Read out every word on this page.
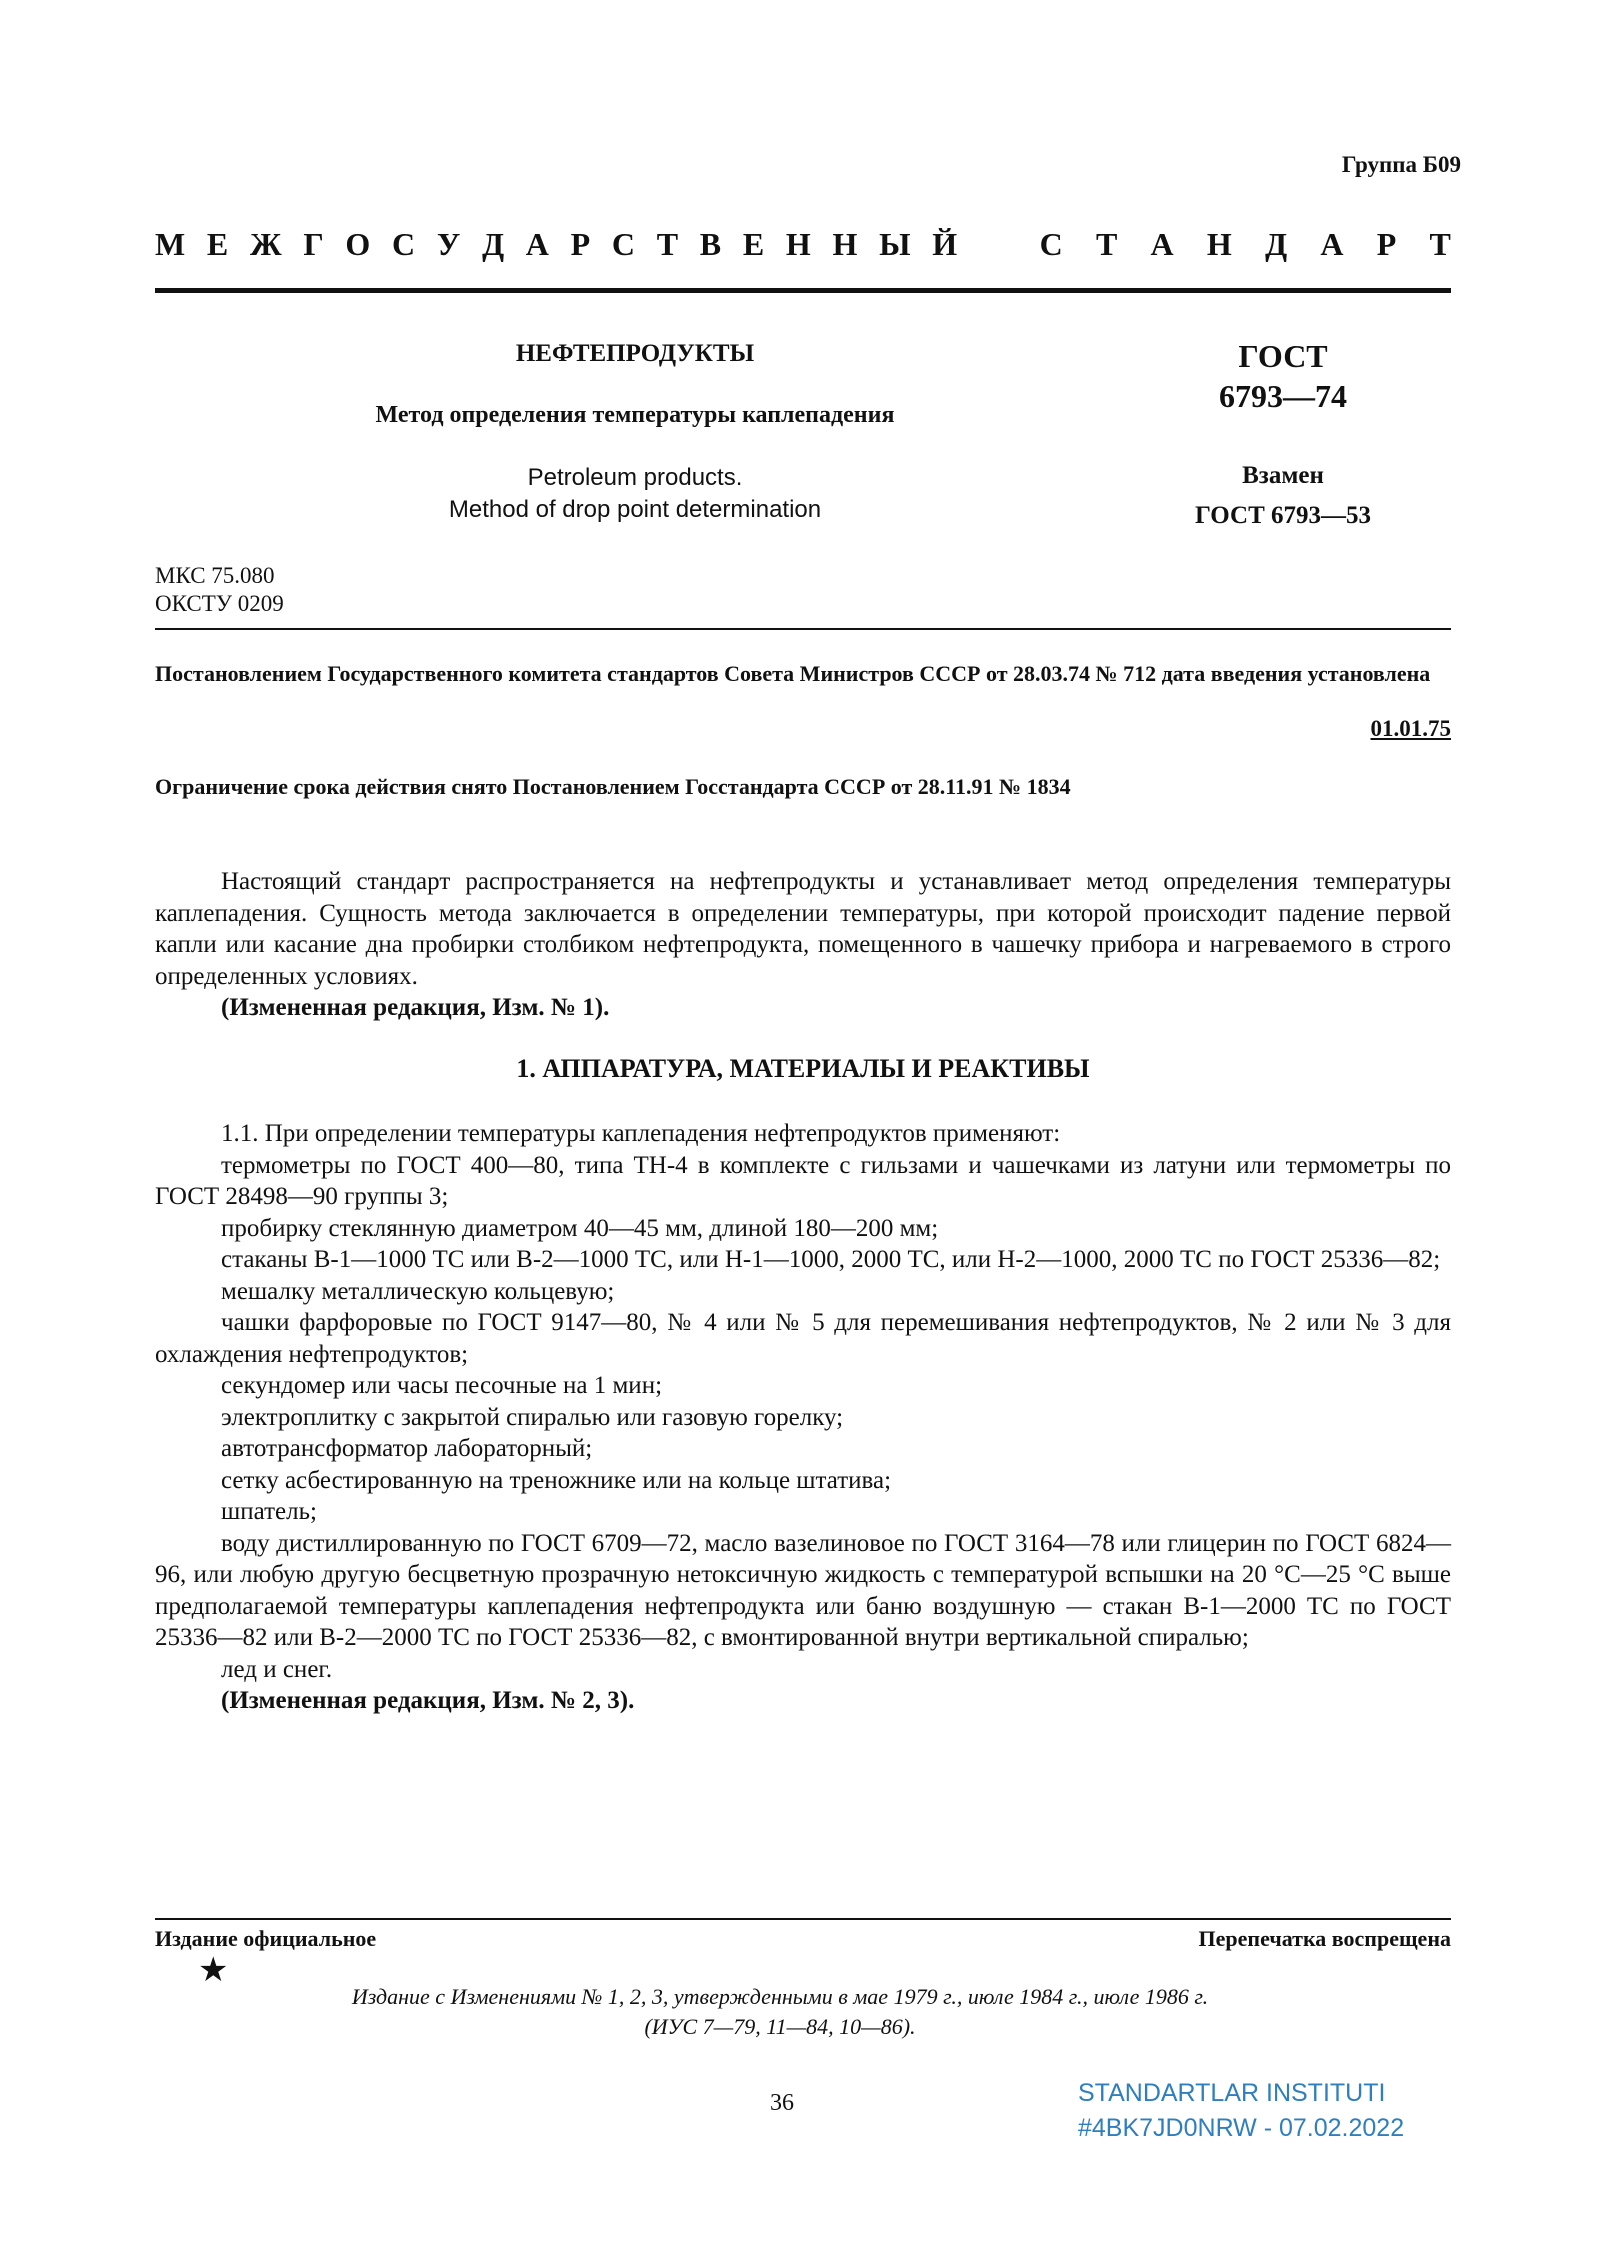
Группа Б09
М Е Ж Г О С У Д А Р С Т В Е Н Н Ы Й	С Т А Н Д А Р Т
НЕФТЕПРОДУКТЫ
Метод определения температуры каплепадения
Petroleum products.
Method of drop point determination
ГОСТ
6793—74
Взамен
ГОСТ 6793—53
МКС 75.080
ОКСТУ 0209
Постановлением Государственного комитета стандартов Совета Министров СССР от 28.03.74 № 712 дата введения установлена
01.01.75
Ограничение срока действия снято Постановлением Госстандарта СССР от 28.11.91 № 1834

Настоящий стандарт распространяется на нефтепродукты и устанавливает метод определения температуры каплепадения. Сущность метода заключается в определении температуры, при которой происходит падение первой капли или касание дна пробирки столбиком нефтепродукта, помещенного в чашечку прибора и нагреваемого в строго определенных условиях.

(Измененная редакция, Изм. № 1).

1. АППАРАТУРА, МАТЕРИАЛЫ И РЕАКТИВЫ

1.1. При определении температуры каплепадения нефтепродуктов применяют:

термометры по ГОСТ 400—80, типа ТН-4 в комплекте с гильзами и чашечками из латуни или термометры по ГОСТ 28498—90 группы 3;

пробирку стеклянную диаметром 40—45 мм, длиной 180—200 мм;

стаканы В-1—1000 ТС или В-2—1000 ТС, или Н-1—1000, 2000 ТС, или Н-2—1000, 2000 ТС по ГОСТ 25336—82;

мешалку металлическую кольцевую;

чашки фарфоровые по ГОСТ 9147—80, № 4 или № 5 для перемешивания нефтепродуктов, № 2 или № 3 для охлаждения нефтепродуктов;

секундомер или часы песочные на 1 мин;

электроплитку с закрытой спиралью или газовую горелку;

автотрансформатор лабораторный;

сетку асбестированную на треножнике или на кольце штатива;

шпатель;

воду дистиллированную по ГОСТ 6709—72, масло вазелиновое по ГОСТ 3164—78 или глицерин по ГОСТ 6824—96, или любую другую бесцветную прозрачную нетоксичную жидкость с температурой вспышки на 20 °С—25 °С выше предполагаемой температуры каплепадения нефтепродукта или баню воздушную — стакан В-1—2000 ТС по ГОСТ 25336—82 или В-2—2000 ТС по ГОСТ 25336—82, с вмонтированной внутри вертикальной спиралью;

лед и снег.

(Измененная редакция, Изм. № 2, 3).

Издание официальное	Перепечатка воспрещена
★
Издание с Изменениями № 1, 2, 3, утвержденными в мае 1979 г., июле 1984 г., июле 1986 г.
(ИУС 7—79, 11—84, 10—86).
36	STANDARTLAR INSTITUTI
#4BK7JD0NRW - 07.02.2022
